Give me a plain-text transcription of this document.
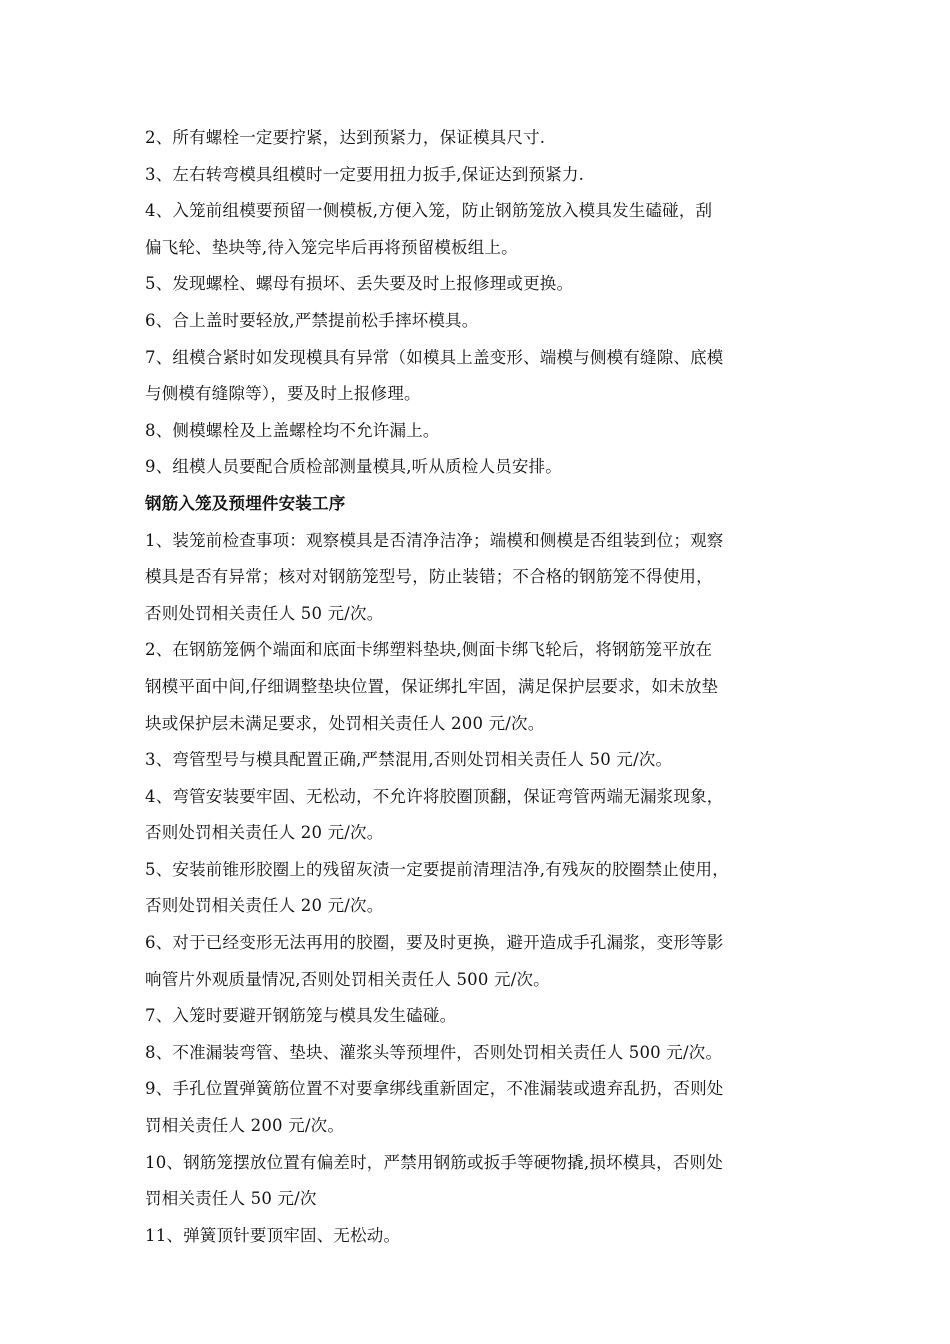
2、所有螺栓一定要拧紧，达到预紧力，保证模具尺寸.
3、左右转弯模具组模时一定要用扭力扳手,保证达到预紧力.
4、入笼前组模要预留一侧模板,方便入笼，防止钢筋笼放入模具发生磕碰，刮
偏飞轮、垫块等,待入笼完毕后再将预留模板组上。
5、发现螺栓、螺母有损坏、丢失要及时上报修理或更换。
6、合上盖时要轻放,严禁提前松手摔坏模具。
7、组模合紧时如发现模具有异常（如模具上盖变形、端模与侧模有缝隙、底模
与侧模有缝隙等），要及时上报修理。
8、侧模螺栓及上盖螺栓均不允许漏上。
9、组模人员要配合质检部测量模具,听从质检人员安排。
钢筋入笼及预埋件安装工序
1、装笼前检查事项：观察模具是否清净洁净；端模和侧模是否组装到位；观察
模具是否有异常；核对对钢筋笼型号，防止装错；不合格的钢筋笼不得使用，
否则处罚相关责任人 50 元/次。
2、在钢筋笼俩个端面和底面卡绑塑料垫块,侧面卡绑飞轮后，将钢筋笼平放在
钢模平面中间,仔细调整垫块位置，保证绑扎牢固，满足保护层要求，如未放垫
块或保护层未满足要求，处罚相关责任人 200 元/次。
3、弯管型号与模具配置正确,严禁混用,否则处罚相关责任人 50 元/次。
4、弯管安装要牢固、无松动，不允许将胶圈顶翻，保证弯管两端无漏浆现象，
否则处罚相关责任人 20 元/次。
5、安装前锥形胶圈上的残留灰渍一定要提前清理洁净,有残灰的胶圈禁止使用，
否则处罚相关责任人 20 元/次。
6、对于已经变形无法再用的胶圈，要及时更换，避开造成手孔漏浆，变形等影
响管片外观质量情况,否则处罚相关责任人 500 元/次。
7、入笼时要避开钢筋笼与模具发生磕碰。
8、不准漏装弯管、垫块、灌浆头等预埋件，否则处罚相关责任人 500 元/次。
9、手孔位置弹簧筋位置不对要拿绑线重新固定，不准漏装或遗弃乱扔，否则处
罚相关责任人 200 元/次。
10、钢筋笼摆放位置有偏差时，严禁用钢筋或扳手等硬物撬,损坏模具，否则处
罚相关责任人 50 元/次
11、弹簧顶针要顶牢固、无松动。
